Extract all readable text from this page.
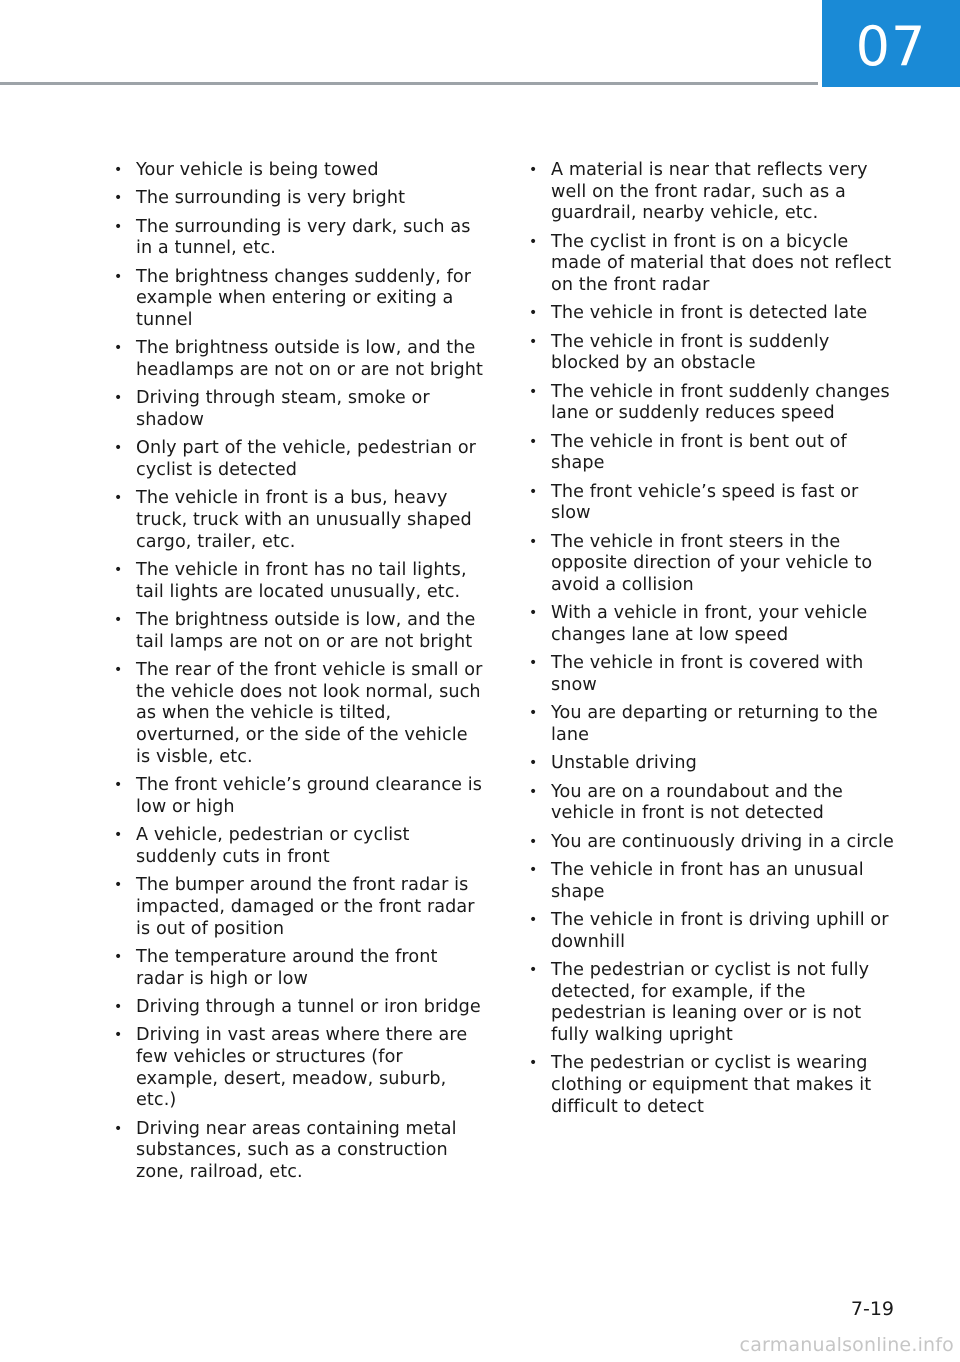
07
• Your vehicle is being towed
• The surrounding is very bright
• The surrounding is very dark, such as in a tunnel, etc.
• The brightness changes suddenly, for example when entering or exiting a tunnel
• The brightness outside is low, and the headlamps are not on or are not bright
• Driving through steam, smoke or shadow
• Only part of the vehicle, pedestrian or cyclist is detected
• The vehicle in front is a bus, heavy truck, truck with an unusually shaped cargo, trailer, etc.
• The vehicle in front has no tail lights, tail lights are located unusually, etc.
• The brightness outside is low, and the tail lamps are not on or are not bright
• The rear of the front vehicle is small or the vehicle does not look normal, such as when the vehicle is tilted, overturned, or the side of the vehicle is visble, etc.
• The front vehicle’s ground clearance is low or high
• A vehicle, pedestrian or cyclist suddenly cuts in front
• The bumper around the front radar is impacted, damaged or the front radar is out of position
• The temperature around the front radar is high or low
• Driving through a tunnel or iron bridge
• Driving in vast areas where there are few vehicles or structures (for example, desert, meadow, suburb, etc.)
• Driving near areas containing metal substances, such as a construction zone, railroad, etc.
• A material is near that reflects very well on the front radar, such as a guardrail, nearby vehicle, etc.
• The cyclist in front is on a bicycle made of material that does not reflect on the front radar
• The vehicle in front is detected late
• The vehicle in front is suddenly blocked by an obstacle
• The vehicle in front suddenly changes lane or suddenly reduces speed
• The vehicle in front is bent out of shape
• The front vehicle’s speed is fast or slow
• The vehicle in front steers in the opposite direction of your vehicle to avoid a collision
• With a vehicle in front, your vehicle changes lane at low speed
• The vehicle in front is covered with snow
• You are departing or returning to the lane
• Unstable driving
• You are on a roundabout and the vehicle in front is not detected
• You are continuously driving in a circle
• The vehicle in front has an unusual shape
• The vehicle in front is driving uphill or downhill
• The pedestrian or cyclist is not fully detected, for example, if the pedestrian is leaning over or is not fully walking upright
• The pedestrian or cyclist is wearing clothing or equipment that makes it difficult to detect
7-19
carmanualsonline.info
